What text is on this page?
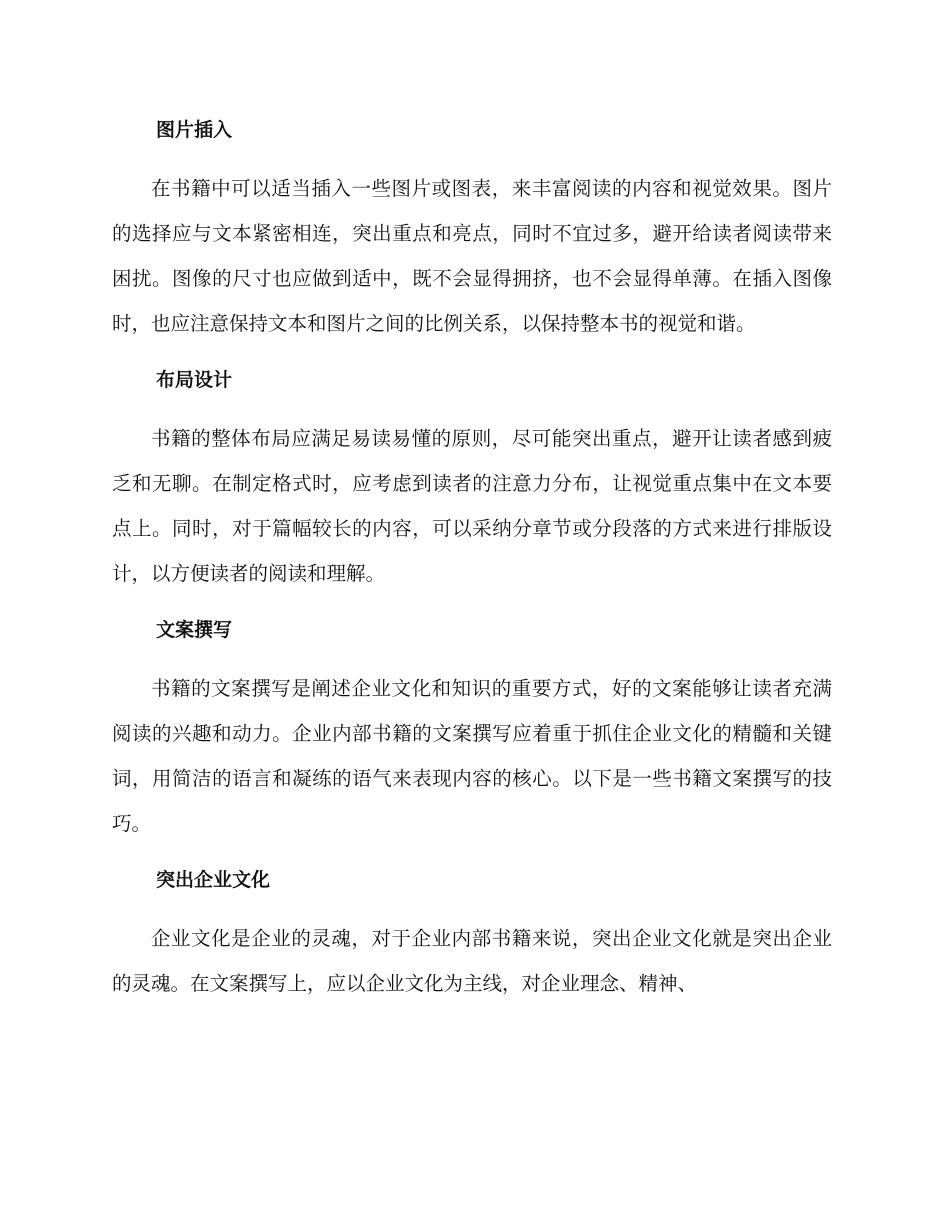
图片插入

在书籍中可以适当插入一些图片或图表，来丰富阅读的内容和视觉效果。图片的选择应与文本紧密相连，突出重点和亮点，同时不宜过多，避开给读者阅读带来困扰。图像的尺寸也应做到适中，既不会显得拥挤，也不会显得单薄。在插入图像时，也应注意保持文本和图片之间的比例关系，以保持整本书的视觉和谐。

布局设计

书籍的整体布局应满足易读易懂的原则，尽可能突出重点，避开让读者感到疲乏和无聊。在制定格式时，应考虑到读者的注意力分布，让视觉重点集中在文本要点上。同时，对于篇幅较长的内容，可以采纳分章节或分段落的方式来进行排版设计，以方便读者的阅读和理解。

文案撰写

书籍的文案撰写是阐述企业文化和知识的重要方式，好的文案能够让读者充满阅读的兴趣和动力。企业内部书籍的文案撰写应着重于抓住企业文化的精髓和关键词，用简洁的语言和凝练的语气来表现内容的核心。以下是一些书籍文案撰写的技巧。

突出企业文化

企业文化是企业的灵魂，对于企业内部书籍来说，突出企业文化就是突出企业的灵魂。在文案撰写上，应以企业文化为主线，对企业理念、精神、
